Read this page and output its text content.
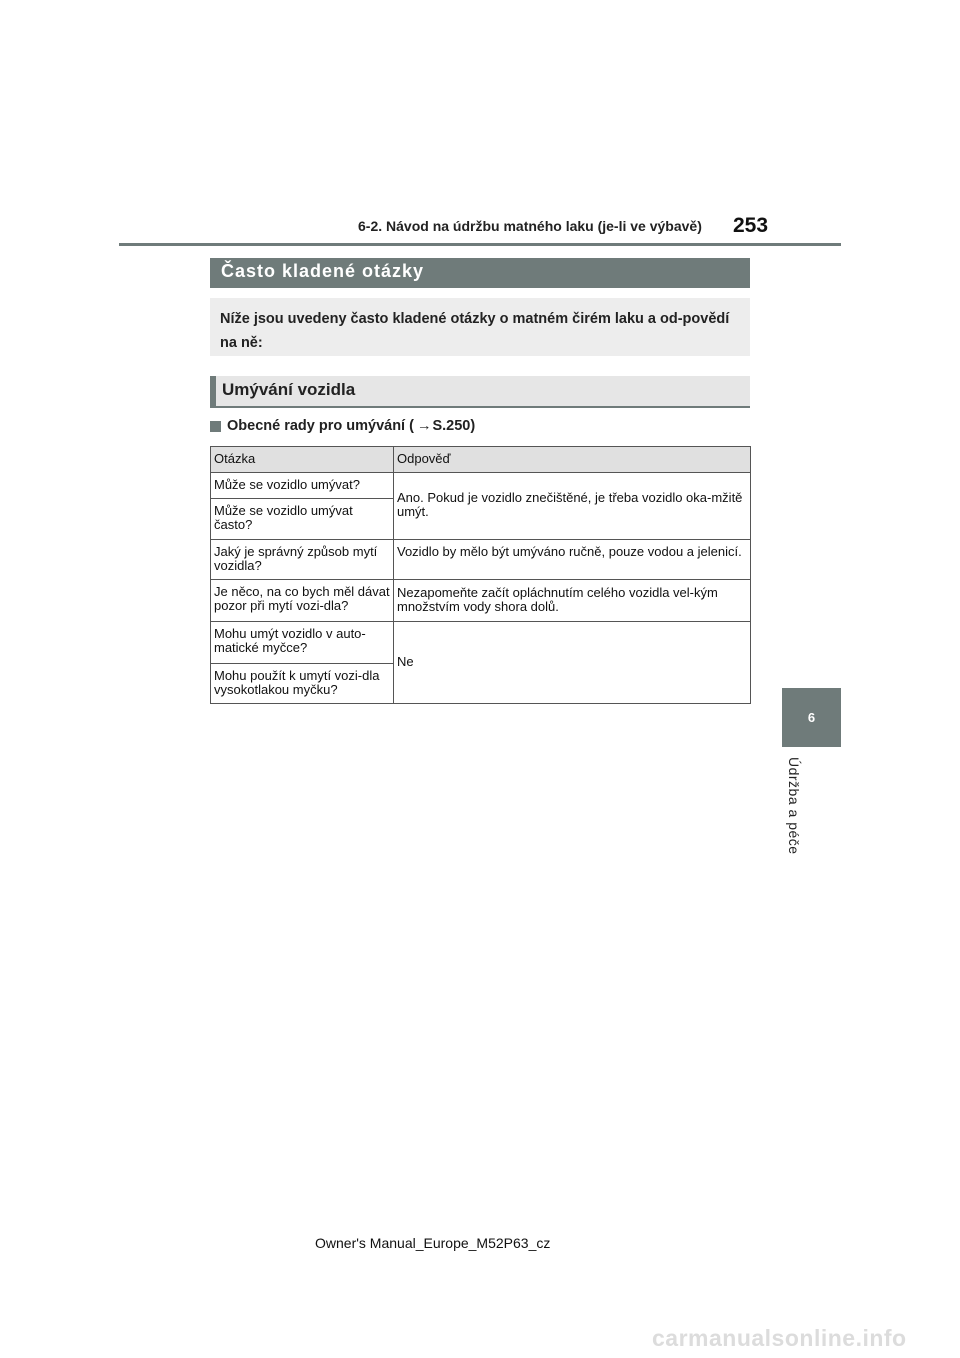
6-2. Návod na údržbu matného laku (je-li ve výbavě) 253
Často kladené otázky
Níže jsou uvedeny často kladené otázky o matném čirém laku a od-povědí na ně:
Umývání vozidla
Obecné rady pro umývání ( → S.250)
Otázka	Odpověď
Může se vozidlo umývat?	Ano. Pokud je vozidlo znečištěné, je třeba vozidlo oka-mžitě umýt.
Může se vozidlo umývat často?	
Jaký je správný způsob mytí vozidla?	Vozidlo by mělo být umýváno ručně, pouze vodou a jelenicí.
Je něco, na co bych měl dávat pozor při mytí vozi-dla?	Nezapomeňte začít opláchnutím celého vozidla vel-kým množstvím vody shora dolů.
Mohu umýt vozidlo v auto-matické myčce?	Ne
Mohu použít k umytí vozi-dla vysokotlakou myčku?	
6
Údržba a péče
Owner's Manual_Europe_M52P63_cz
carmanualsonline.info
